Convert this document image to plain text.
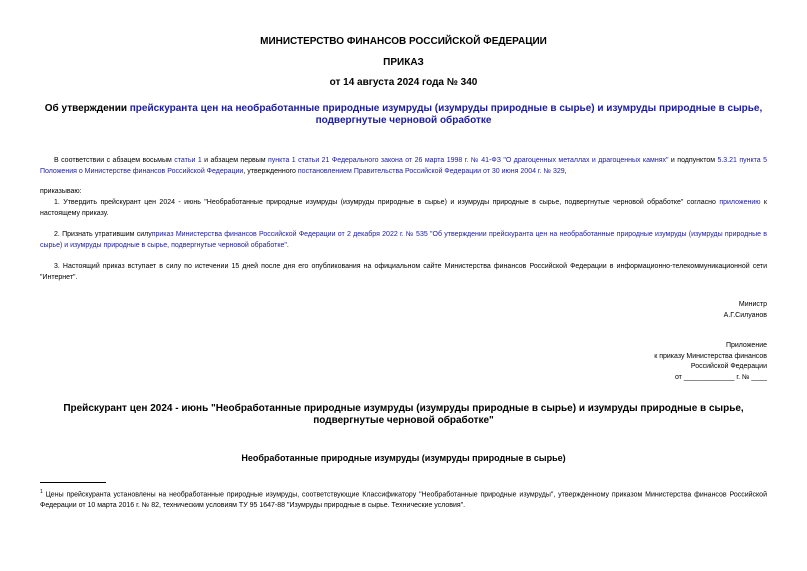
МИНИСТЕРСТВО ФИНАНСОВ РОССИЙСКОЙ ФЕДЕРАЦИИ
ПРИКАЗ
от 14 августа 2024 года № 340
Об утверждении прейскуранта цен на необработанные природные изумруды (изумруды природные в сырье) и изумруды природные в сырье, подвергнутые черновой обработке
В соответствии с абзацем восьмым статьи 1 и абзацем первым пункта 1 статьи 21 Федерального закона от 26 марта 1998 г. № 41-ФЗ "О драгоценных металлах и драгоценных камнях" и подпунктом 5.3.21 пункта 5 Положения о Министерстве финансов Российской Федерации, утвержденного постановлением Правительства Российской Федерации от 30 июня 2004 г. № 329,
приказываю:
1. Утвердить прейскурант цен 2024 - июнь "Необработанные природные изумруды (изумруды природные в сырье) и изумруды природные в сырье, подвергнутые черновой обработке" согласно приложению к настоящему приказу.
2. Признать утратившим силуприказ Министерства финансов Российской Федерации от 2 декабря 2022 г. № 535 "Об утверждении прейскуранта цен на необработанные природные изумруды (изумруды природные в сырье) и изумруды природные в сырье, подвергнутые черновой обработке".
3. Настоящий приказ вступает в силу по истечении 15 дней после дня его опубликования на официальном сайте Министерства финансов Российской Федерации в информационно-телекоммуникационной сети "Интернет".
Министр
А.Г.Силуанов
Приложение
к приказу Министерства финансов
Российской Федерации
от _____________ г. № ____
Прейскурант цен 2024 - июнь "Необработанные природные изумруды (изумруды природные в сырье) и изумруды природные в сырье, подвергнутые черновой обработке"
Необработанные природные изумруды (изумруды природные в сырье)
$^1$ Цены прейскуранта установлены на необработанные природные изумруды, соответствующие Классификатору "Необработанные природные изумруды", утвержденному приказом Министерства финансов Российской Федерации от 10 марта 2016 г. № 82, техническим условиям ТУ 95 1647-88 "Изумруды природные в сырье. Технические условия".
